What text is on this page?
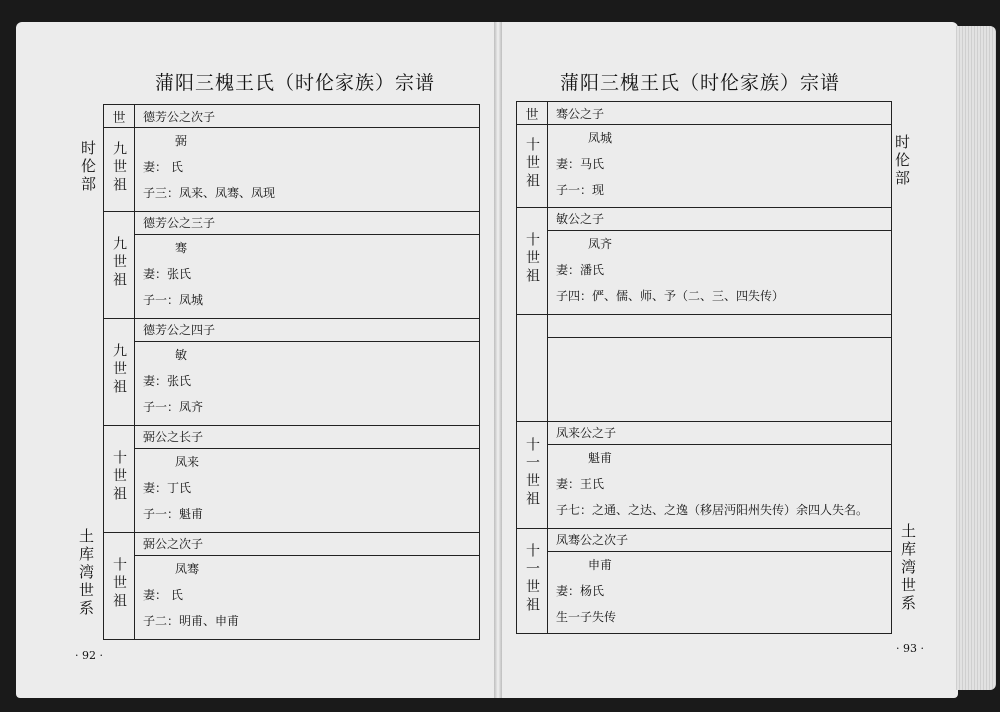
蒲阳三槐王氏（时伦家族）宗谱	蒲阳三槐王氏（时伦家族）宗谱
时伦部
土库湾世系
· 92 ·
时伦部
土库湾世系
· 93 ·
世	德芳公之次子
九世祖	弼
妻： 氏
子三：凤来、凤骞、凤现

九世祖	德芳公之三子
骞
妻：张氏
子一：凤城

九世祖	德芳公之四子
敏
妻：张氏
子一：凤齐

十世祖	弼公之长子
凤来
妻：丁氏
子一：魁甫

十世祖	弼公之次子
凤骞
妻： 氏
子二：明甫、申甫
世	骞公之子
十世祖	凤城
妻：马氏
子一：现

十世祖	敏公之子
凤齐
妻：潘氏
子四：俨、儒、师、予（二、三、四失传）

十一世祖	凤来公之子
魁甫
妻：王氏
子七：之通、之达、之逸（移居沔阳州失传）余四人失名。

十一世祖	凤骞公之次子
申甫
妻：杨氏
生一子失传
